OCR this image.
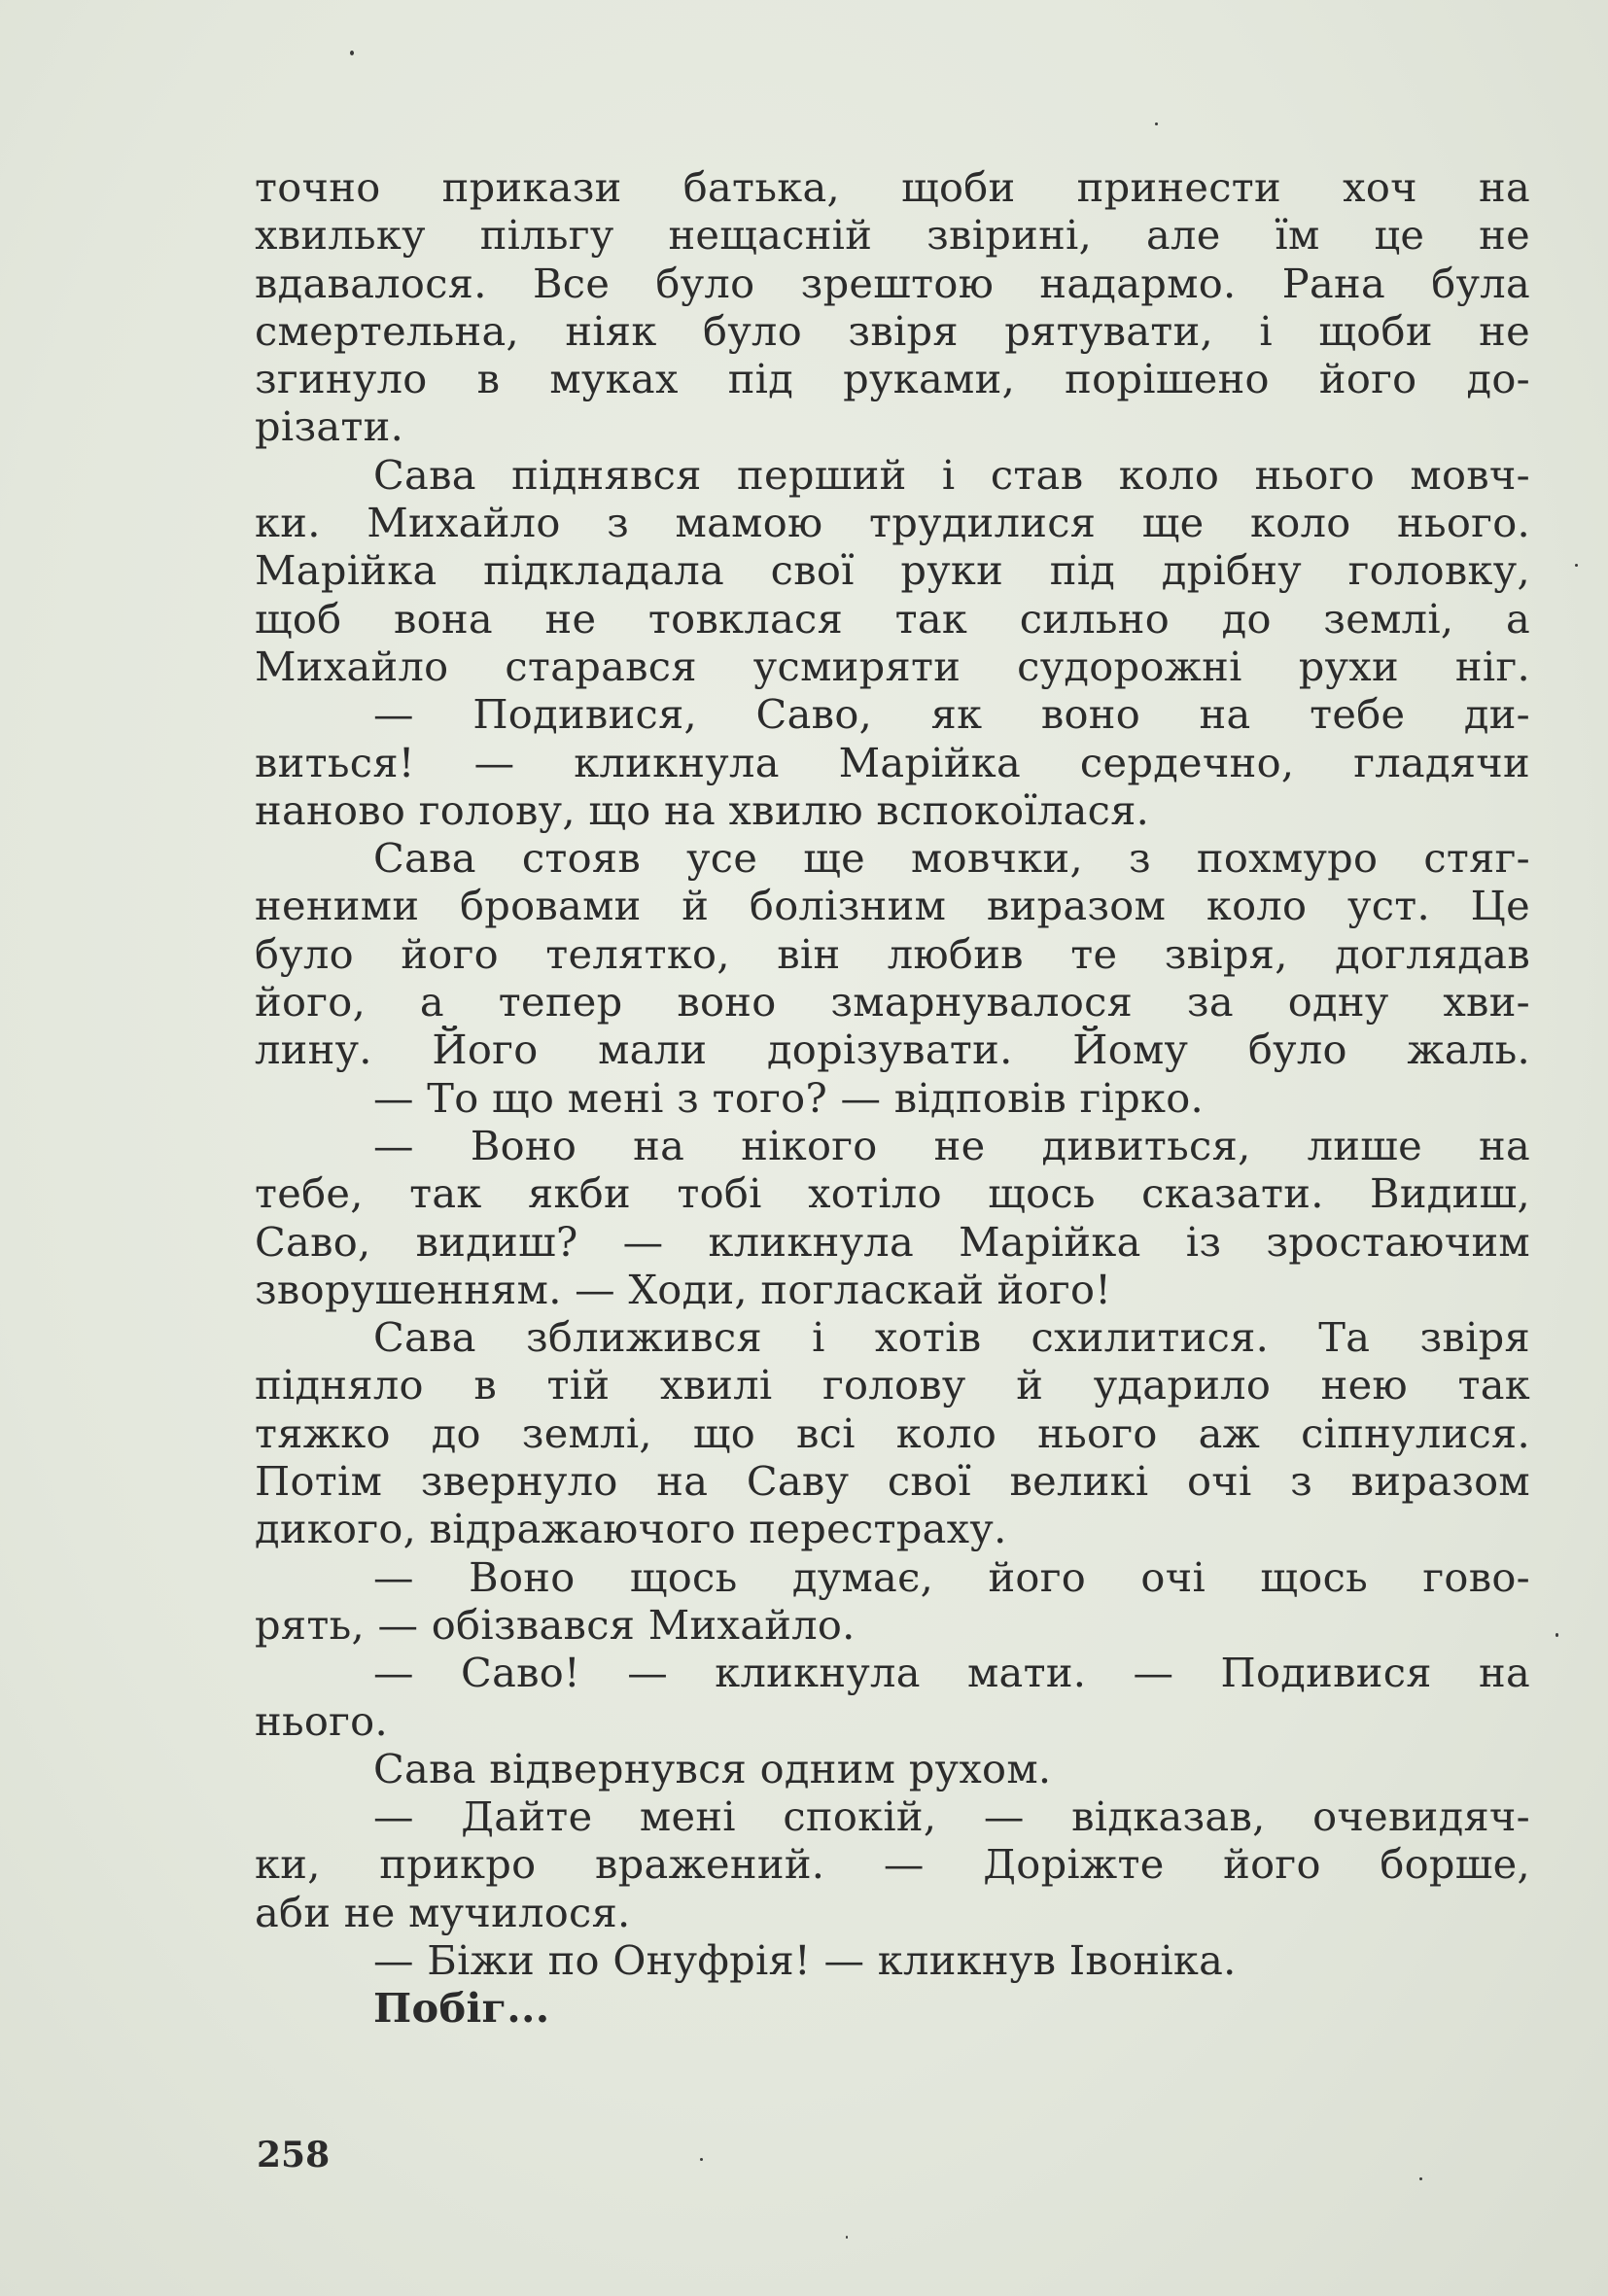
точно прикази батька, щоби принести хоч на
хвильку пільгу нещасній звірині, але їм це не
вдавалося. Все було зрештою надармо. Рана була
смертельна, ніяк було звіря рятувати, і щоби не
згинуло в муках під руками, порішено його до-
різати.
Сава піднявся перший і став коло нього мовч-
ки. Михайло з мамою трудилися ще коло нього.
Марійка підкладала свої руки під дрібну головку,
щоб вона не товклася так сильно до землі, а
Михайло старався усмиряти судорожні рухи ніг.
— Подивися, Саво, як воно на тебе ди-
виться! — кликнула Марійка сердечно, гладячи
наново голову, що на хвилю вспокоїлася.
Сава стояв усе ще мовчки, з похмуро стяг-
неними бровами й болізним виразом коло уст. Це
було його телятко, він любив те звіря, доглядав
його, а тепер воно змарнувалося за одну хви-
лину. Його мали дорізувати. Йому було жаль.
— То що мені з того? — відповів гірко.
— Воно на нікого не дивиться, лише на
тебе, так якби тобі хотіло щось сказати. Видиш,
Саво, видиш? — кликнула Марійка із зростаючим
зворушенням. — Ходи, погласкай його!
Сава зближився і хотів схилитися. Та звіря
підняло в тій хвилі голову й ударило нею так
тяжко до землі, що всі коло нього аж сіпнулися.
Потім звернуло на Саву свої великі очі з виразом
дикого, відражаючого перестраху.
— Воно щось думає, його очі щось гово-
рять, — обізвався Михайло.
— Саво! — кликнула мати. — Подивися на
нього.
Сава відвернувся одним рухом.
— Дайте мені спокій, — відказав, очевидяч-
ки, прикро вражений. — Доріжте його борше,
аби не мучилося.
— Біжи по Онуфрія! — кликнув Івоніка.
Побіг...
258
